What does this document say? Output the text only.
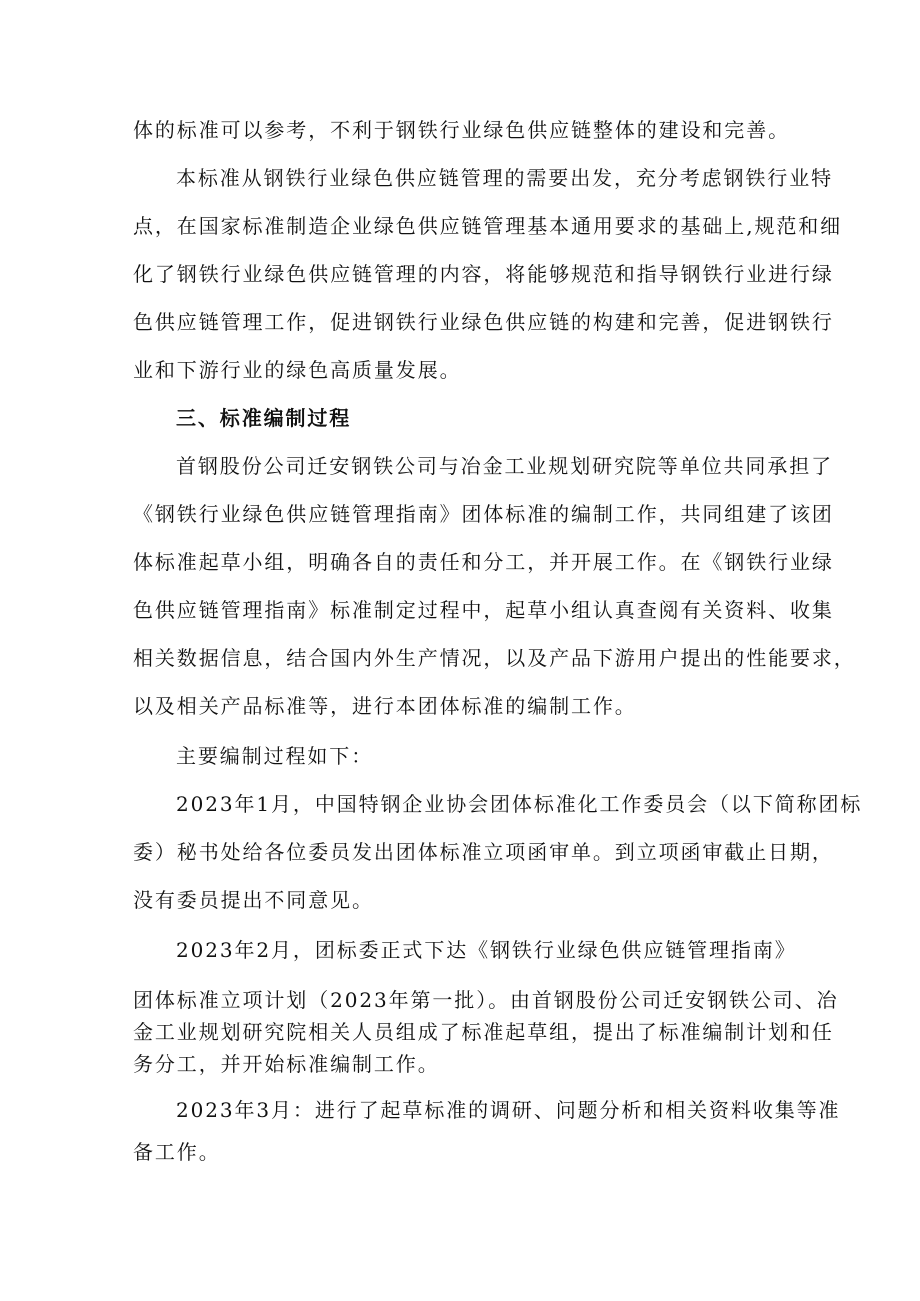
体的标准可以参考，不利于钢铁行业绿色供应链整体的建设和完善。
本标准从钢铁行业绿色供应链管理的需要出发，充分考虑钢铁行业特
点，在国家标准制造企业绿色供应链管理基本通用要求的基础上,规范和细
化了钢铁行业绿色供应链管理的内容，将能够规范和指导钢铁行业进行绿
色供应链管理工作，促进钢铁行业绿色供应链的构建和完善，促进钢铁行
业和下游行业的绿色高质量发展。
三、标准编制过程
首钢股份公司迁安钢铁公司与冶金工业规划研究院等单位共同承担了
《钢铁行业绿色供应链管理指南》团体标准的编制工作，共同组建了该团
体标准起草小组，明确各自的责任和分工，并开展工作。在《钢铁行业绿
色供应链管理指南》标准制定过程中，起草小组认真查阅有关资料、收集
相关数据信息，结合国内外生产情况，以及产品下游用户提出的性能要求，
以及相关产品标准等，进行本团体标准的编制工作。
主要编制过程如下：
2023年1月，中国特钢企业协会团体标准化工作委员会（以下简称团标
委）秘书处给各位委员发出团体标准立项函审单。到立项函审截止日期，
没有委员提出不同意见。
2023年2月，团标委正式下达《钢铁行业绿色供应链管理指南》
团体标准立项计划（2023年第一批）。由首钢股份公司迁安钢铁公司、冶
金工业规划研究院相关人员组成了标准起草组，提出了标准编制计划和任
务分工，并开始标准编制工作。
2023年3月：进行了起草标准的调研、问题分析和相关资料收集等准
备工作。
